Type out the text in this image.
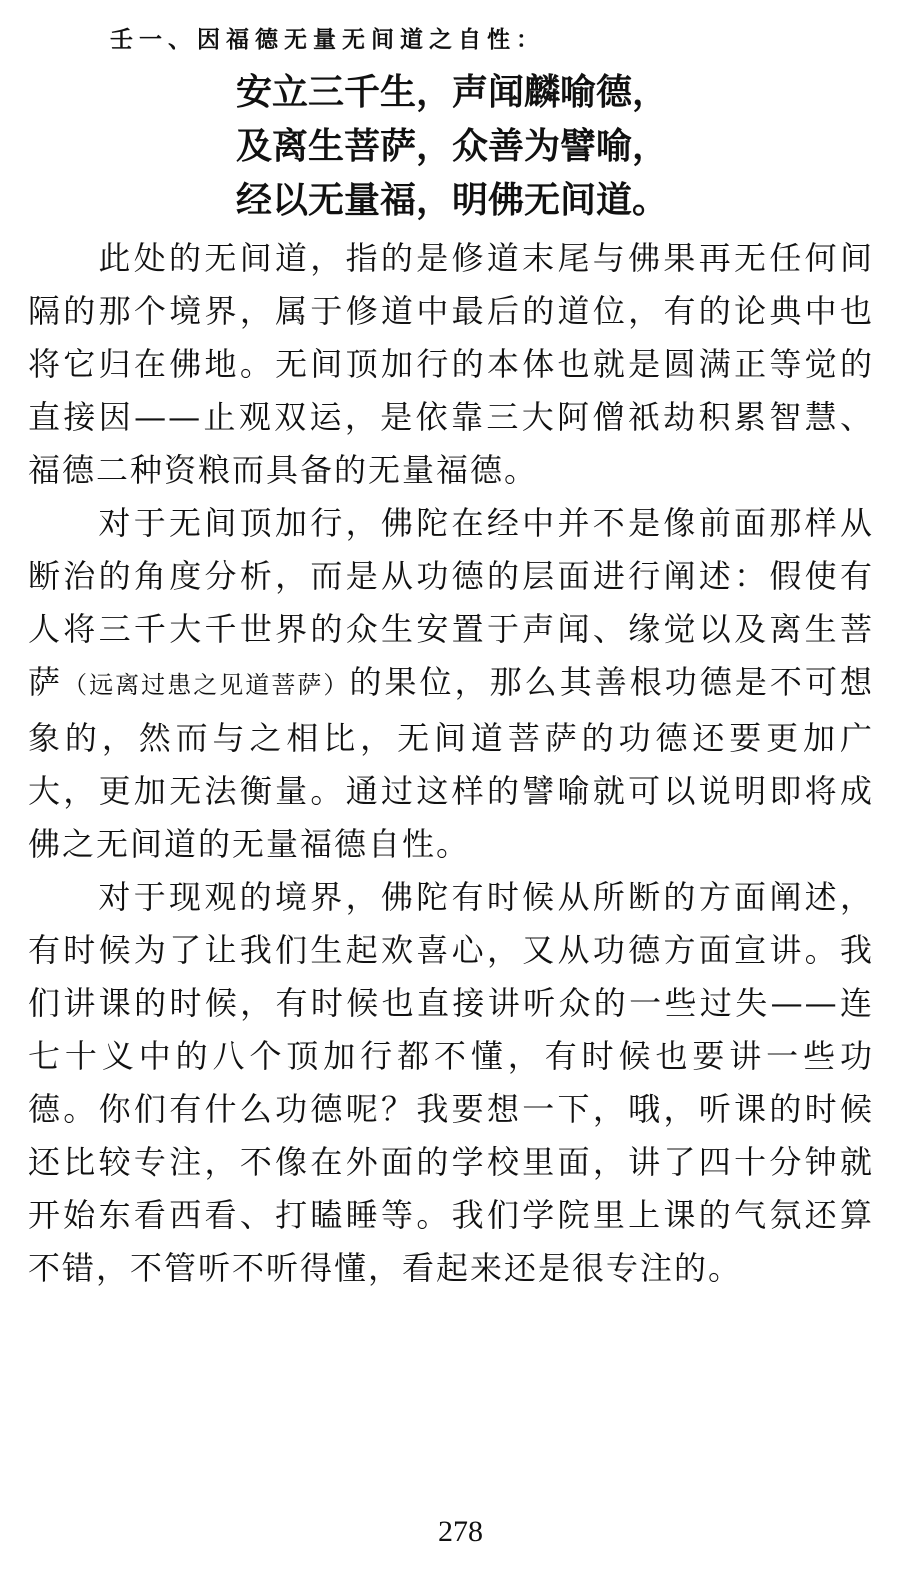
壬一、因福德无量无间道之自性：
安立三千生，声闻麟喻德，
及离生菩萨，众善为譬喻，
经以无量福，明佛无间道。

此处的无间道，指的是修道末尾与佛果再无任何间隔的那个境界，属于修道中最后的道位，有的论典中也将它归在佛地。无间顶加行的本体也就是圆满正等觉的直接因——止观双运，是依靠三大阿僧祇劫积累智慧、福德二种资粮而具备的无量福德。

对于无间顶加行，佛陀在经中并不是像前面那样从断治的角度分析，而是从功德的层面进行阐述：假使有人将三千大千世界的众生安置于声闻、缘觉以及离生菩萨（远离过患之见道菩萨）的果位，那么其善根功德是不可想象的，然而与之相比，无间道菩萨的功德还要更加广大，更加无法衡量。通过这样的譬喻就可以说明即将成佛之无间道的无量福德自性。

对于现观的境界，佛陀有时候从所断的方面阐述，有时候为了让我们生起欢喜心，又从功德方面宣讲。我们讲课的时候，有时候也直接讲听众的一些过失——连七十义中的八个顶加行都不懂，有时候也要讲一些功德。你们有什么功德呢？我要想一下，哦，听课的时候还比较专注，不像在外面的学校里面，讲了四十分钟就开始东看西看、打瞌睡等。我们学院里上课的气氛还算不错，不管听不听得懂，看起来还是很专注的。

278
